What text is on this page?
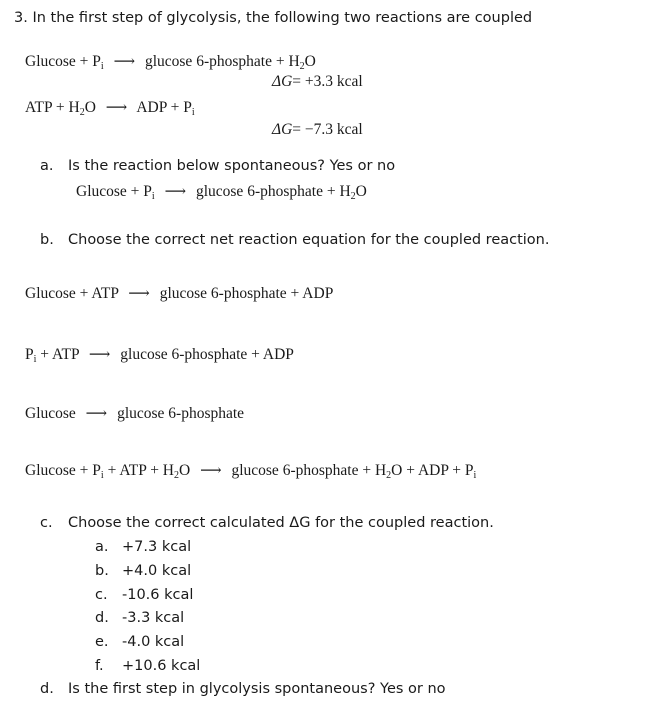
3. In the first step of glycolysis, the following two reactions are coupled
$Glucose + P_i$ ⟶ glucose 6-phosphate + $H_2O$
ΔG= +3.3 kcal
ATP + $H_2O$ ⟶ ADP + $P_i$
ΔG= −7.3 kcal
a. Is the reaction below spontaneous? Yes or no
$Glucose + P_i$ ⟶ glucose 6-phosphate + $H_2O$
b. Choose the correct net reaction equation for the coupled reaction.
Glucose + ATP ⟶ glucose 6-phosphate + ADP
$P_i$ + ATP ⟶ glucose 6-phosphate + ADP
Glucose ⟶ glucose 6-phosphate
$Glucose + P_i$ + ATP + $H_2O$ ⟶ glucose 6-phosphate + $H_2O$ + ADP + $P_i$
c. Choose the correct calculated ΔG for the coupled reaction.
a. +7.3 kcal
b. +4.0 kcal
c. -10.6 kcal
d. -3.3 kcal
e. -4.0 kcal
f. +10.6 kcal
d. Is the first step in glycolysis spontaneous? Yes or no
